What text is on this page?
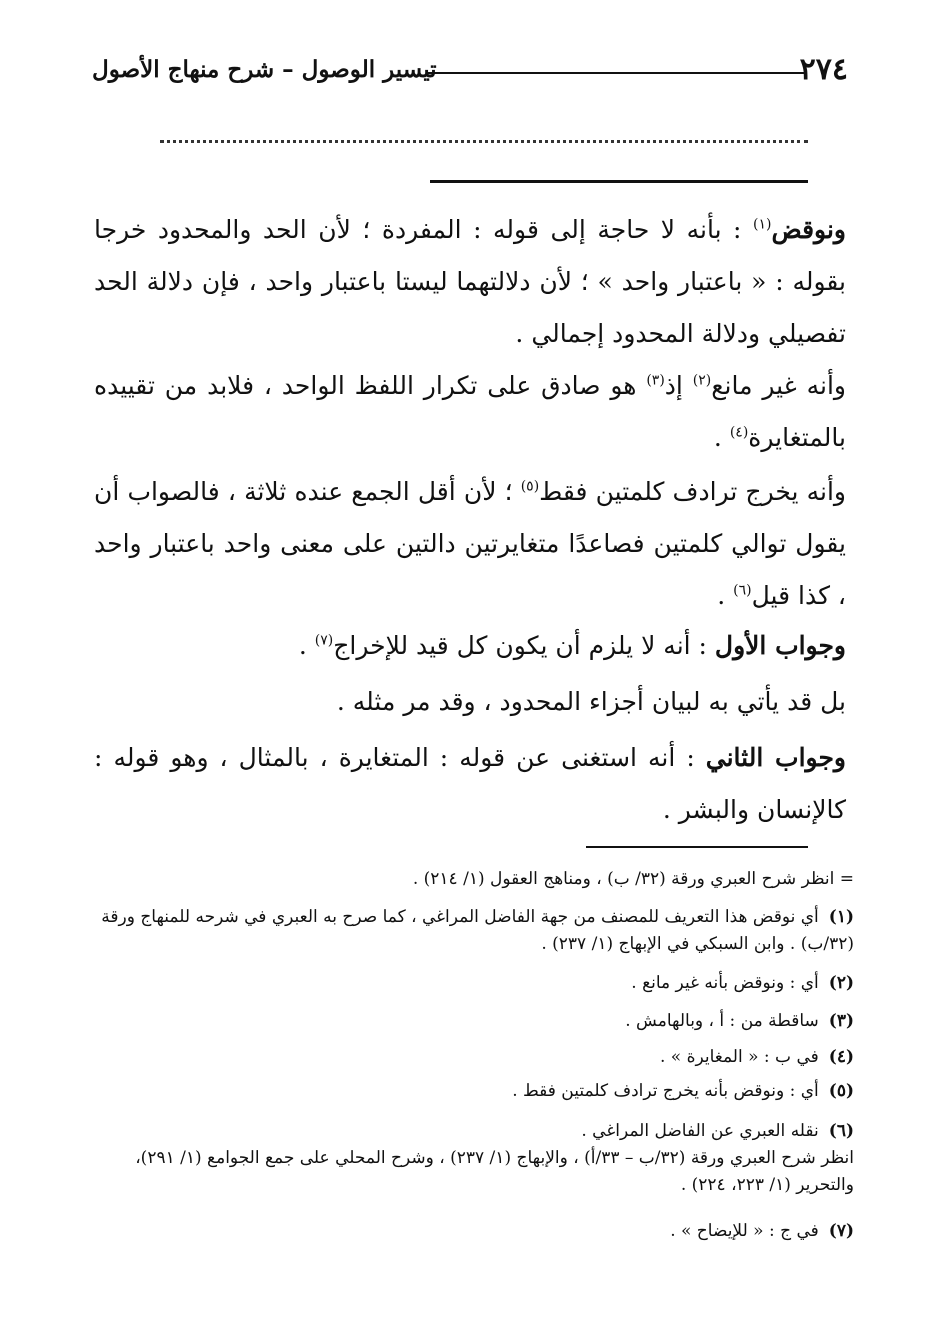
٢٧٤
تيسير الوصول – شرح منهاج الأصول
ونوقض$^{(١)}$ : بأنه لا حاجة إلى قوله : المفردة ؛ لأن الحد والمحدود خرجا بقوله : « باعتبار واحد » ؛ لأن دلالتهما ليستا باعتبار واحد ، فإن دلالة الحد تفصيلي ودلالة المحدود إجمالي .
وأنه غير مانع$^{(٢)}$ إذ$^{(٣)}$ هو صادق على تكرار اللفظ الواحد ، فلابد من تقييده بالمتغايرة$^{(٤)}$ .
وأنه يخرج ترادف كلمتين فقط$^{(٥)}$ ؛ لأن أقل الجمع عنده ثلاثة ، فالصواب أن يقول توالي كلمتين فصاعدًا متغايرتين دالتين على معنى واحد باعتبار واحد ، كذا قيل$^{(٦)}$ .
وجواب الأول : أنه لا يلزم أن يكون كل قيد للإخراج$^{(٧)}$ .
بل قد يأتي به لبيان أجزاء المحدود ، وقد مر مثله .
وجواب الثاني : أنه استغنى عن قوله : المتغايرة ، بالمثال ، وهو قوله : كالإنسان والبشر .
= انظر شرح العبري ورقة (٣٢/ ب) ، ومناهج العقول (١/ ٢١٤) .
(١)أي نوقض هذا التعريف للمصنف من جهة الفاضل المراغي ، كما صرح به العبري في شرحه للمنهاج ورقة (٣٢/ب) . وابن السبكي في الإبهاج (١/ ٢٣٧) .
(٢)أي : ونوقض بأنه غير مانع .
(٣)ساقطة من : أ ، وبالهامش .
(٤)في ب : « المغايرة » .
(٥)أي : ونوقض بأنه يخرج ترادف كلمتين فقط .
(٦)نقله العبري عن الفاضل المراغي .
انظر شرح العبري ورقة (٣٢/ب – ٣٣/أ) ، والإبهاج (١/ ٢٣٧) ، وشرح المحلي على جمع الجوامع (١/ ٢٩١)، والتحرير (١/ ٢٢٣، ٢٢٤) .
(٧)في ج : « للإيضاح » .
